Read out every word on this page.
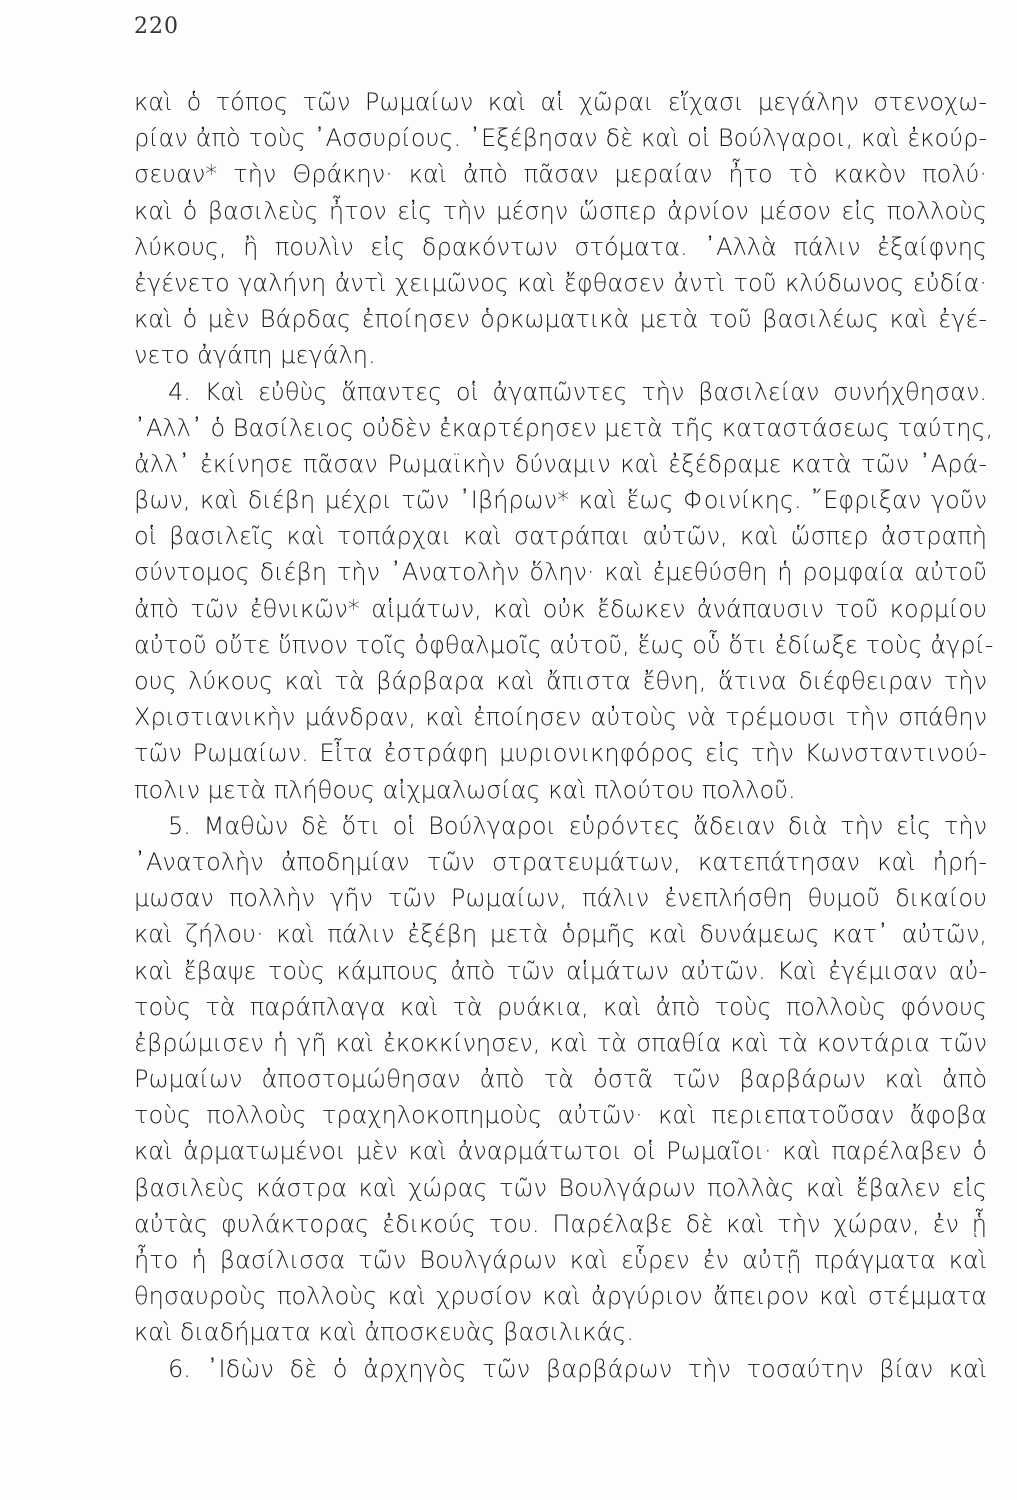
220
καὶ ὁ τόπος τῶν Ρωμαίων καὶ αἱ χῶραι εἴχασι μεγάλην στενοχω-
ρίαν ἀπὸ τοὺς ᾿Ασσυρίους. ᾿Εξέβησαν δὲ καὶ οἱ Βούλγαροι, καὶ ἐκούρ-
σευαν* τὴν Θράκην· καὶ ἀπὸ πᾶσαν μεραίαν ἦτο τὸ κακὸν πολύ·
καὶ ὁ βασιλεὺς ἦτον εἰς τὴν μέσην ὥσπερ ἀρνίον μέσον εἰς πολλοὺς
λύκους, ἢ πουλὶν εἰς δρακόντων στόματα. ᾿Αλλὰ πάλιν ἐξαίφνης
ἐγένετο γαλήνη ἀντὶ χειμῶνος καὶ ἔφθασεν ἀντὶ τοῦ κλύδωνος εὐδία·
καὶ ὁ μὲν Βάρδας ἐποίησεν ὁρκωματικὰ μετὰ τοῦ βασιλέως καὶ ἐγέ-
νετο ἀγάπη μεγάλη.
4. Καὶ εὐθὺς ἅπαντες οἱ ἀγαπῶντες τὴν βασιλείαν συνήχθησαν.
᾿Αλλ᾿ ὁ Βασίλειος οὐδὲν ἐκαρτέρησεν μετὰ τῆς καταστάσεως ταύτης,
ἀλλ᾿ ἐκίνησε πᾶσαν Ρωμαϊκὴν δύναμιν καὶ ἐξέδραμε κατὰ τῶν ᾿Αρά-
βων, καὶ διέβη μέχρι τῶν ᾿Ιβήρων* καὶ ἕως Φοινίκης. ῎Εφριξαν γοῦν
οἱ βασιλεῖς καὶ τοπάρχαι καὶ σατράπαι αὐτῶν, καὶ ὥσπερ ἀστραπὴ
σύντομος διέβη τὴν ᾿Ανατολὴν ὅλην· καὶ ἐμεθύσθη ἡ ρομφαία αὐτοῦ
ἀπὸ τῶν ἐθνικῶν* αἱμάτων, καὶ οὐκ ἔδωκεν ἀνάπαυσιν τοῦ κορμίου
αὐτοῦ οὔτε ὕπνον τοῖς ὀφθαλμοῖς αὐτοῦ, ἕως οὗ ὅτι ἐδίωξε τοὺς ἀγρί-
ους λύκους καὶ τὰ βάρβαρα καὶ ἄπιστα ἔθνη, ἅτινα διέφθειραν τὴν
Χριστιανικὴν μάνδραν, καὶ ἐποίησεν αὐτοὺς νὰ τρέμουσι τὴν σπάθην
τῶν Ρωμαίων. Εἶτα ἐστράφη μυριονικηφόρος εἰς τὴν Κωνσταντινού-
πολιν μετὰ πλήθους αἰχμαλωσίας καὶ πλούτου πολλοῦ.
5. Μαθὼν δὲ ὅτι οἱ Βούλγαροι εὑρόντες ἄδειαν διὰ τὴν εἰς τὴν
᾿Ανατολὴν ἀποδημίαν τῶν στρατευμάτων, κατεπάτησαν καὶ ἠρή-
μωσαν πολλὴν γῆν τῶν Ρωμαίων, πάλιν ἐνεπλήσθη θυμοῦ δικαίου
καὶ ζήλου· καὶ πάλιν ἐξέβη μετὰ ὁρμῆς καὶ δυνάμεως κατ᾿ αὐτῶν,
καὶ ἔβαψε τοὺς κάμπους ἀπὸ τῶν αἱμάτων αὐτῶν. Καὶ ἐγέμισαν αὐ-
τοὺς τὰ παράπλαγα καὶ τὰ ρυάκια, καὶ ἀπὸ τοὺς πολλοὺς φόνους
ἐβρώμισεν ἡ γῆ καὶ ἐκοκκίνησεν, καὶ τὰ σπαθία καὶ τὰ κοντάρια τῶν
Ρωμαίων ἀποστομώθησαν ἀπὸ τὰ ὀστᾶ τῶν βαρβάρων καὶ ἀπὸ
τοὺς πολλοὺς τραχηλοκοπημοὺς αὐτῶν· καὶ περιεπατοῦσαν ἄφοβα
καὶ ἁρματωμένοι μὲν καὶ ἀναρμάτωτοι οἱ Ρωμαῖοι· καὶ παρέλαβεν ὁ
βασιλεὺς κάστρα καὶ χώρας τῶν Βουλγάρων πολλὰς καὶ ἔβαλεν εἰς
αὐτὰς φυλάκτορας ἐδικούς του. Παρέλαβε δὲ καὶ τὴν χώραν, ἐν ᾗ
ἦτο ἡ βασίλισσα τῶν Βουλγάρων καὶ εὗρεν ἐν αὐτῇ πράγματα καὶ
θησαυροὺς πολλοὺς καὶ χρυσίον καὶ ἀργύριον ἄπειρον καὶ στέμματα
καὶ διαδήματα καὶ ἀποσκευὰς βασιλικάς.
6. ᾿Ιδὼν δὲ ὁ ἀρχηγὸς τῶν βαρβάρων τὴν τοσαύτην βίαν καὶ
